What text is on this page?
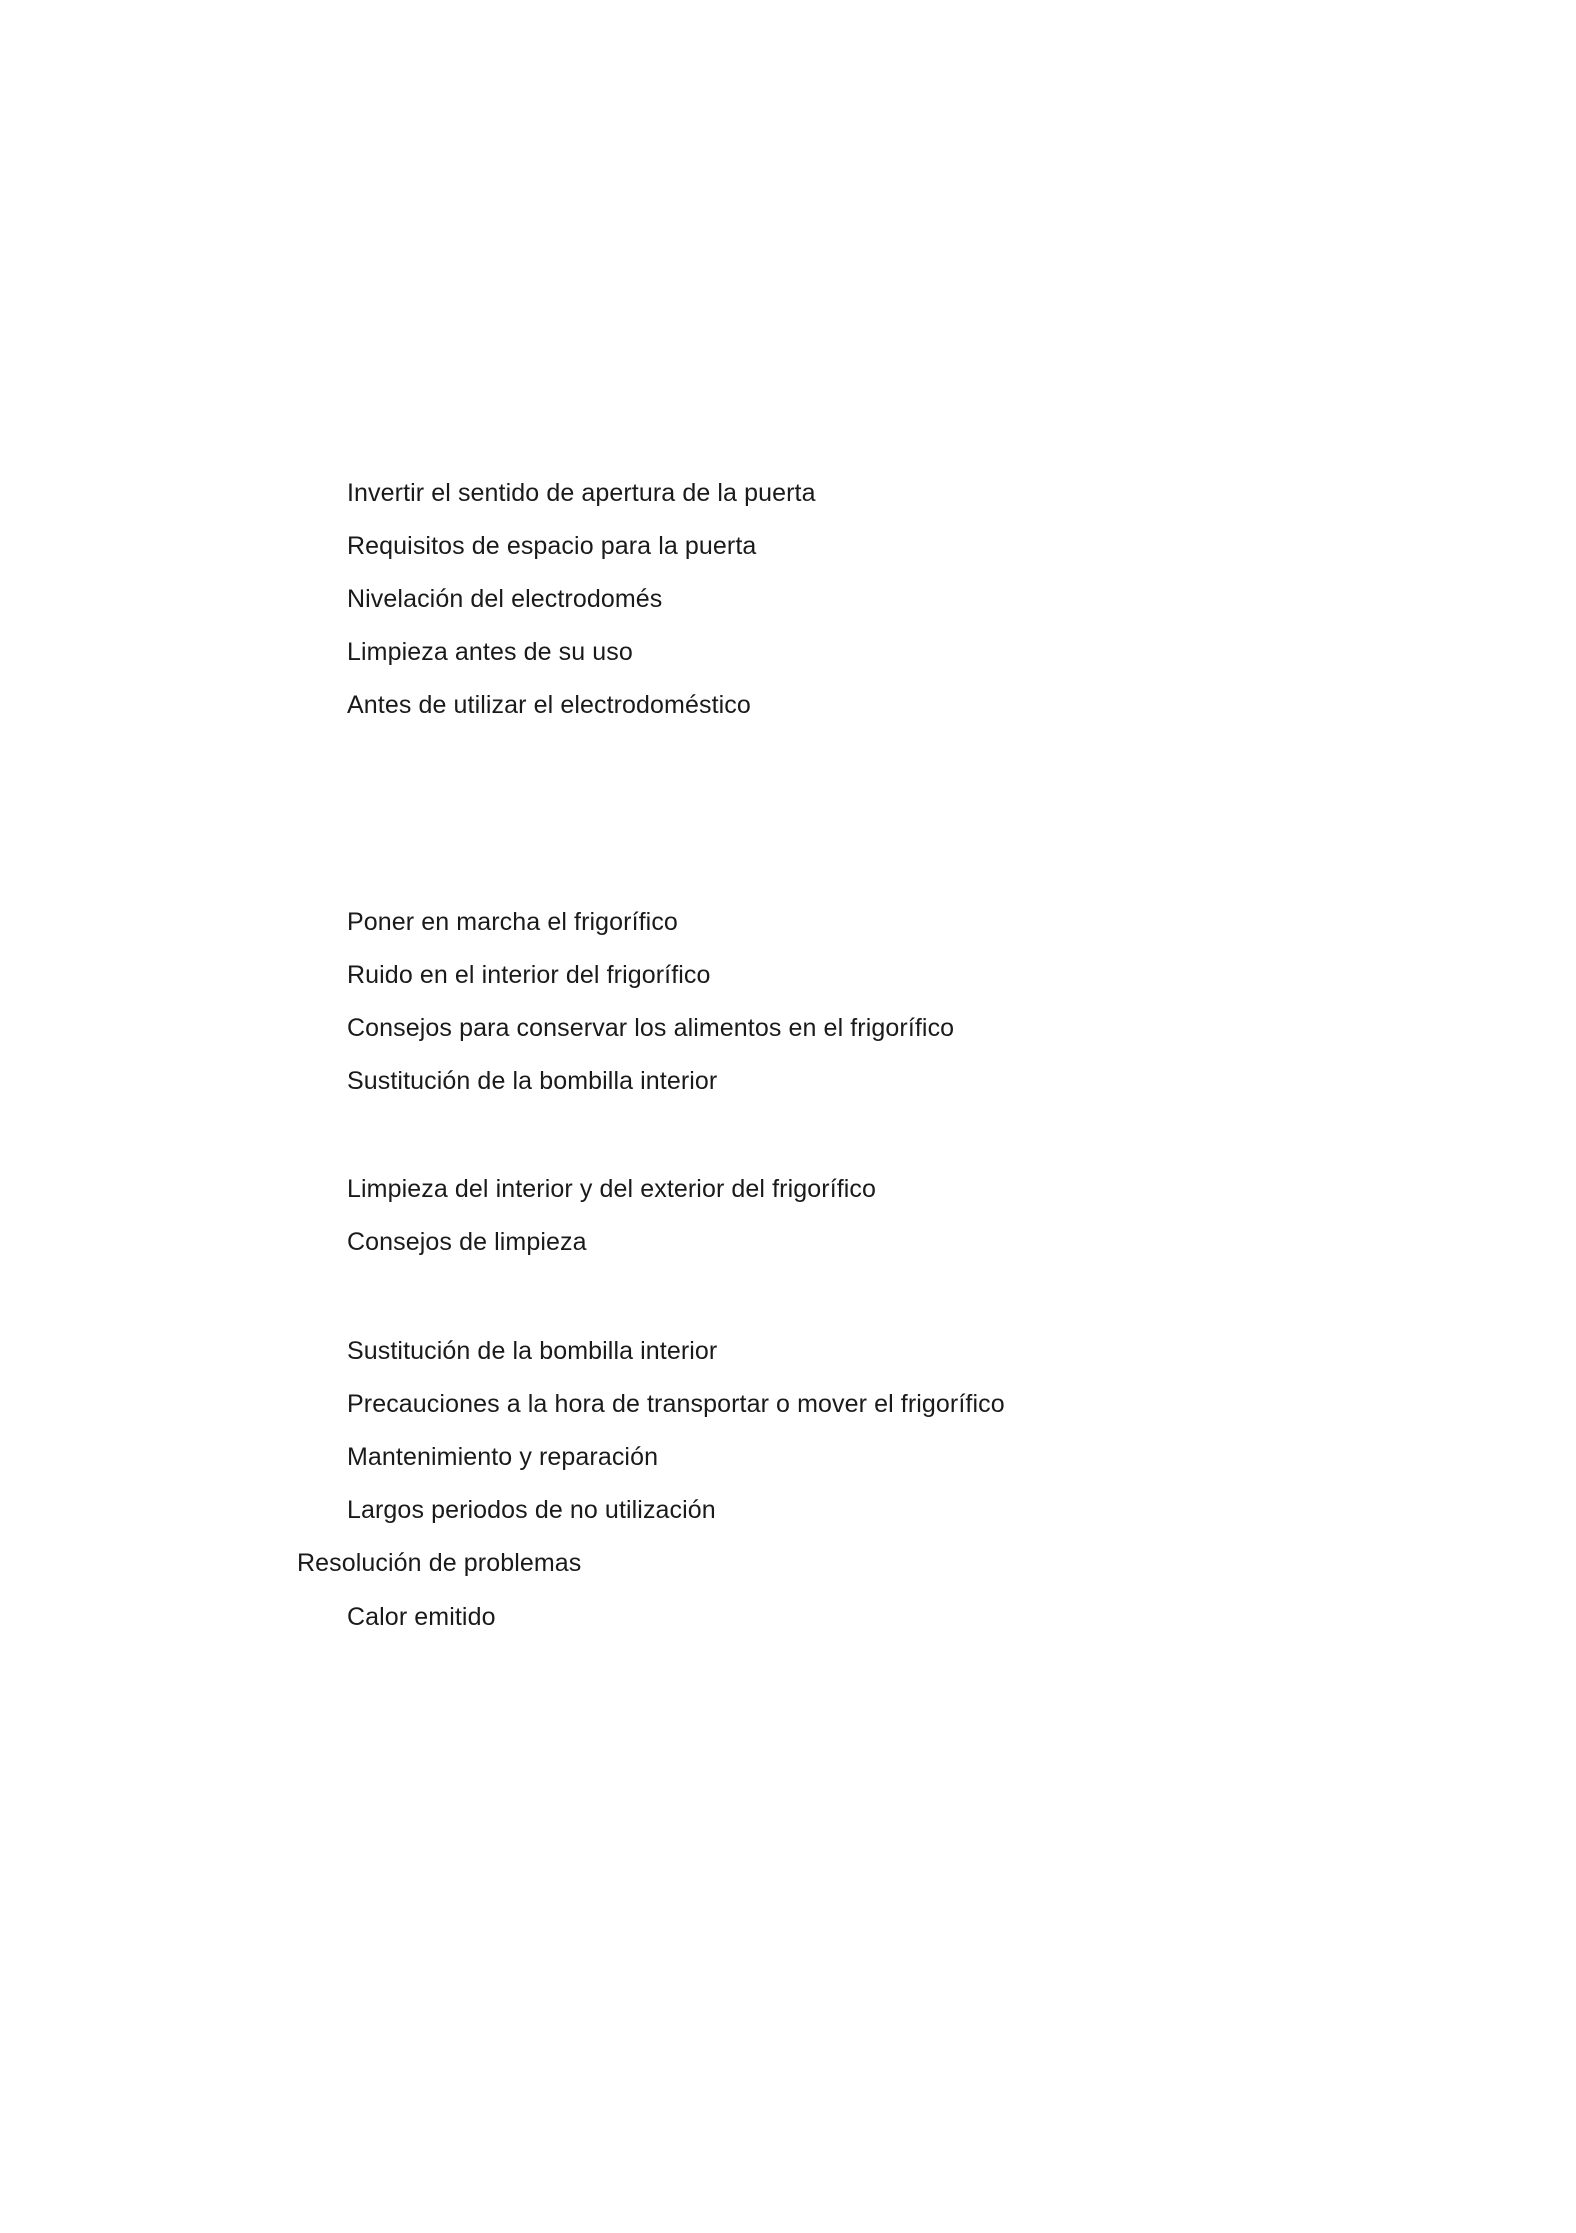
Invertir el sentido de apertura de la puerta
Requisitos de espacio para la puerta
Nivelación del electrodomés
Limpieza antes de su uso
Antes de utilizar el electrodoméstico
Poner en marcha el frigorífico
Ruido en el interior del frigorífico
Consejos para conservar los alimentos en el frigorífico
Sustitución de la bombilla interior
Limpieza del interior y del exterior del frigorífico
Consejos de limpieza
Sustitución de la bombilla interior
Precauciones a la hora de transportar o mover el frigorífico
Mantenimiento y reparación
Largos periodos de no utilización
Resolución de problemas
Calor emitido
